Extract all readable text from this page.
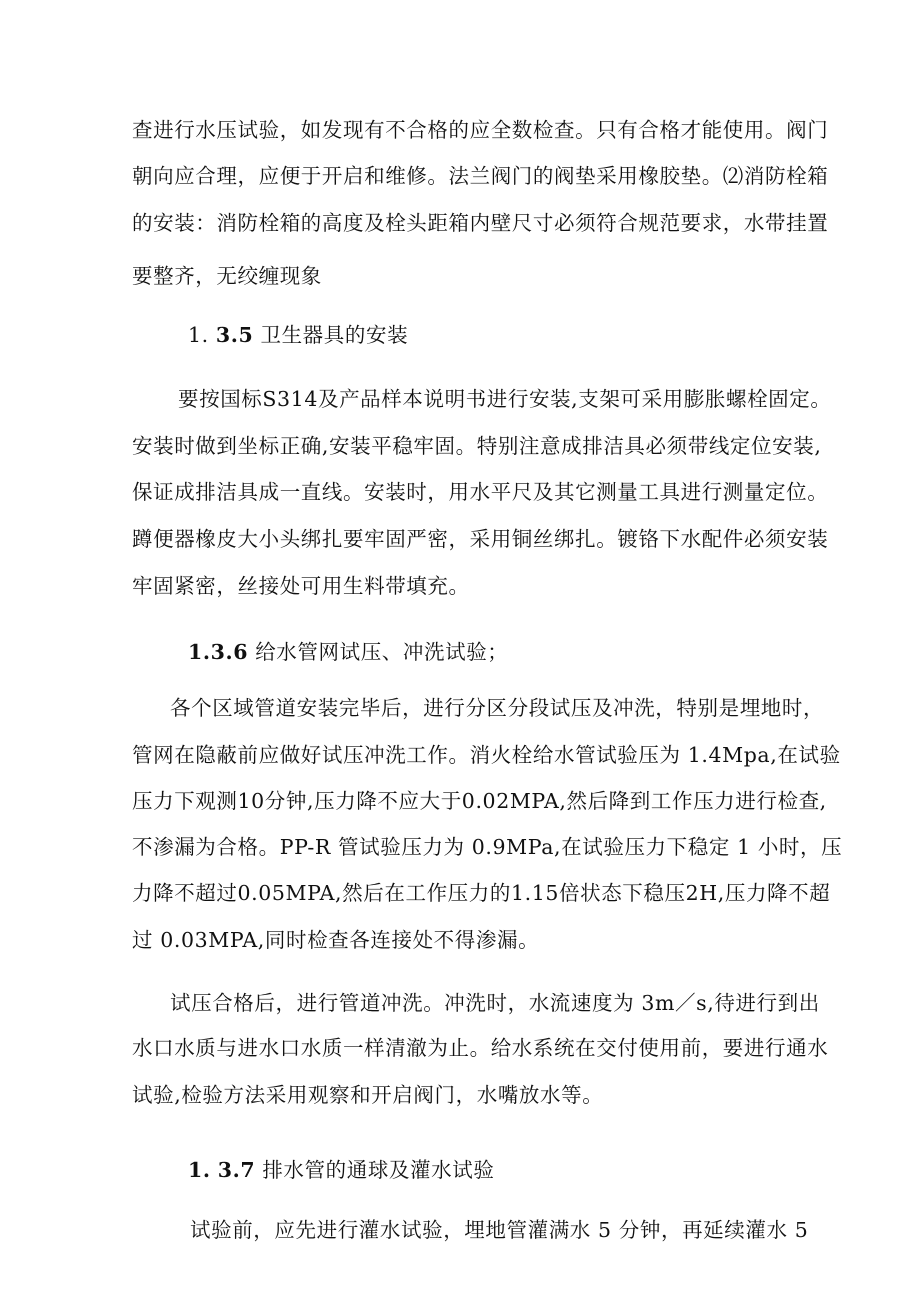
查进行水压试验，如发现有不合格的应全数检查。只有合格才能使用。阀门
朝向应合理，应便于开启和维修。法兰阀门的阀垫采用橡胶垫。⑵消防栓箱
的安装：消防栓箱的高度及栓头距箱内壁尺寸必须符合规范要求，水带挂置
要整齐，无绞缠现象
1. 3.5 卫生器具的安装
要按国标S314及产品样本说明书进行安装,支架可采用膨胀螺栓固定。
安装时做到坐标正确,安装平稳牢固。特别注意成排洁具必须带线定位安装,
保证成排洁具成一直线。安装时，用水平尺及其它测量工具进行测量定位。
蹲便器橡皮大小头绑扎要牢固严密，采用铜丝绑扎。镀铬下水配件必须安装
牢固紧密，丝接处可用生料带填充。
1.3.6 给水管网试压、冲洗试验；
各个区域管道安装完毕后，进行分区分段试压及冲洗，特别是埋地时，
管网在隐蔽前应做好试压冲洗工作。消火栓给水管试验压为 1.4Mpa,在试验
压力下观测10分钟,压力降不应大于0.02MPA,然后降到工作压力进行检查,
不渗漏为合格。PP-R 管试验压力为 0.9MPa,在试验压力下稳定 1 小时，压
力降不超过0.05MPA,然后在工作压力的1.15倍状态下稳压2H,压力降不超
过 0.03MPA,同时检查各连接处不得渗漏。
试压合格后，进行管道冲洗。冲洗时，水流速度为 3m／s,待进行到出
水口水质与进水口水质一样清澈为止。给水系统在交付使用前，要进行通水
试验,检验方法采用观察和开启阀门，水嘴放水等。
1. 3.7 排水管的通球及灌水试验
试验前，应先进行灌水试验，埋地管灌满水 5 分钟，再延续灌水 5
